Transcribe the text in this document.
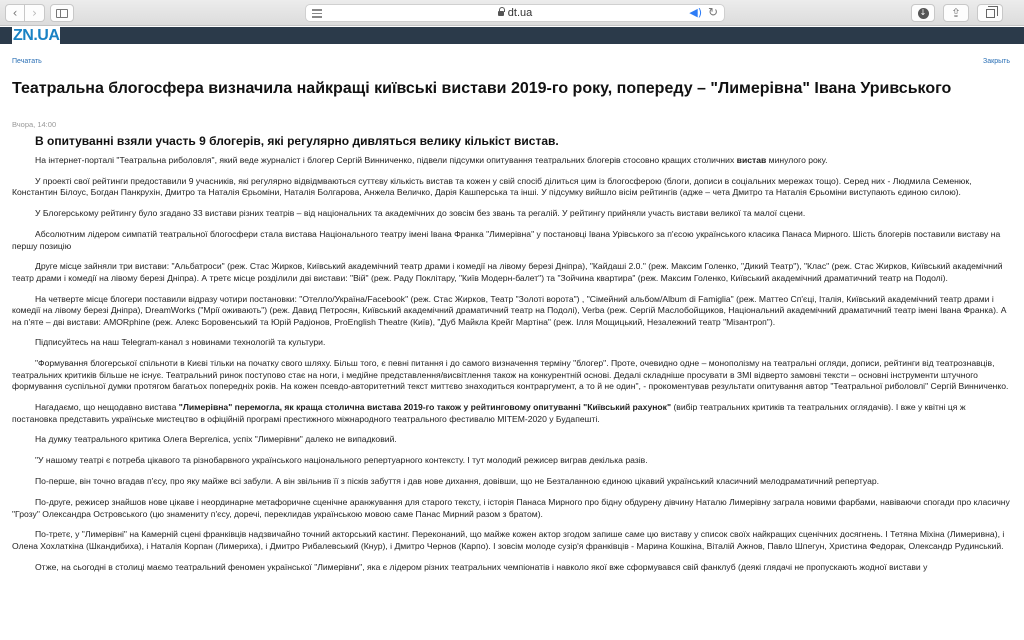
‹ ›	dt.ua	◀) ↻	↓ ⇪
ZN.UA
Печатать	Закрыть
Театральна блогосфера визначила найкращі київські вистави 2019-го року, попереду – "Лимерівна" Івана Уривського
Вчора, 14:00
В опитуванні взяли участь 9 блогерів, які регулярно дивляться велику кількіст вистав.

На інтернет-порталі "Театральна риболовля", який веде журналіст і блогер Сергій Винниченко, підвели підсумки опитування театральних блогерів стосовно кращих столичних вистав минулого року.

У проекті свої рейтинги предоставили 9 учасників, які регулярно відвідмваються суттєву кількість вистав та кожен у свій спосіб ділиться цим із блогосферою (блоги, дописи в соціальних мережах тощо). Серед них - Людмила Семенюк, Константин Білоус, Богдан Панкрухін, Дмитро та Наталія Єрьоміни, Наталія Болгарова, Анжела Величко, Дарія Кашперська та інші. У підсумку вийшло вісім рейтингів (адже – чета Дмитро та Наталія Єрьоміни виступають єдиною силою).

У Блогерському рейтингу було згадано 33 вистави різних театрів – від національних та академічних до зовсім без звань та регалій. У рейтингу прийняли участь вистави великої та малої сцени.

Абсолютним лідером симпатій театральної блогосфери стала вистава Національного театру імені Івана Франка "Лимерівна" у постановці Івана Урівського за п'єсою українського класика Панаса Мирного. Шість блогерів поставили виставу на першу позицію

Друге місце зайняли три вистави: "Альбатроси" (реж. Стас Жирков, Київський академічний театр драми і комедії на лівому березі Дніпра), "Кайдаші 2.0." (реж. Максим Голенко, "Дикий Театр"), "Клас" (реж. Стас Жирков, Київський академічний театр драми і комедії на лівому березі Дніпра). А третє місце розділили дві вистави: "Вій" (реж. Раду Поклітару, "Київ Модерн-балет") та "Зойчина квартира" (реж. Максим Голенко, Київський академічний драматичний театр на Подолі).

На четверте місце блогери поставили відразу чотири постановки: "Отелло/Україна/Facebook" (реж. Стас Жирков, Театр "Золоті ворота") , "Сімейний альбом/Album di Famiglia" (реж. Маттео Сп'єці, Італія, Київський академічний театр драми і комедії на лівому березі Дніпра), DreamWorks ("Мрії оживають") (реж. Давид Петросян, Київський академічний драматичний театр на Подолі), Verba (реж. Сергій Маслобойщиков, Національний академічний драматичний театр імені Івана Франка). А на п'яте – дві вистави: AMORphine (реж. Алекс Боровенський та Юрій Радіонов, ProEnglish Theatre (Київ), "Дуб Майкла Крейг Мартіна" (реж. Ілля Мощицький, Незалежний театр "Мізантроп").

Підписуйтесь на наш Telegram-канал з новинами технологій та культури.

"Формування блогерської спільноти в Києві тільки на початку свого шляху. Більш того, є певні питання і до самого визначення терміну "блогер". Проте, очевидно одне – монополізму на театральні огляди, дописи, рейтинги від театрознавців, театральних критиків більше не існує. Театральний ринок поступово стає на ноги, і медійне представлення/висвітлення також на конкурентній основі. Дедалі складніше просувати в ЗМІ відверто замовні тексти – основні інструменти штучного формування суспільної думки протягом багатьох попередніх років. На кожен псевдо-авторитетний текст миттєво знаходиться контраргумент, а то й не один", - прокоментував результати опитування автор "Театральної риболовлі" Сергій Винниченко.

Нагадаємо, що нещодавно вистава "Лимерівна" перемогла, як краща столична вистава 2019-го також у рейтинговому опитуванні "Київський рахунок" (вибір театральних критиків та театральних оглядачів). І вже у квітні ця ж постановка представить українське мистецтво в офіційній програмі престижного міжнародного театрального фестивалю MITEM-2020 у Будапешті.

На думку театрального критика Олега Вергеліса, успіх "Лимерівни" далеко не випадковий.

"У нашому театрі є потреба цікавого та різнобарвного українського національного репертуарного контексту. І тут молодий режисер виграв декілька разів.

По-перше, він точно вгадав п'єсу, про яку майже всі забули. А він звільнив її з пісків забуття і дав нове дихання, довівши, що не Безталанною єдиною цікавий український класичний мелодраматичний репертуар.

По-друге, режисер знайшов нове цікаве і неординарне метафоричне сценічне аранжування для старого тексту, і історія Панаса Мирного про бідну обдурену дівчину Наталю Лимерівну заграла новими фарбами, навіваючи спогади про класичну "Грозу" Олександра Островського (цю знамениту п'єсу, доречі, переклидав українською мовою саме Панас Мирний разом з братом).

По-третє, у "Лимерівні" на Камерній сцені франківців надзвичайно точний акторський кастинг. Переконаний, що майже кожен актор згодом запише саме цю виставу у список своїх найкращих сценічних досягнень. І Тетяна Міхіна (Лимеривна), і Олена Хохлаткіна (Шкандибиха), і Наталія Корпан (Лимериха), і Дмитро Рибалевський (Кнур), і Дмитро Чернов (Карпо). І зовсім молоде сузір'я франківців - Марина Кошкіна, Віталій Ажнов, Павло Шпегун, Христина Федорак, Олександр Рудинський.

Отже, на сьогодні в столиці маємо театральний феномен української "Лимерівни", яка є лідером різних театральних чемпіонатів і навколо якої вже сформувався свій фанклуб (деякі глядачі не пропускають жодної вистави у
